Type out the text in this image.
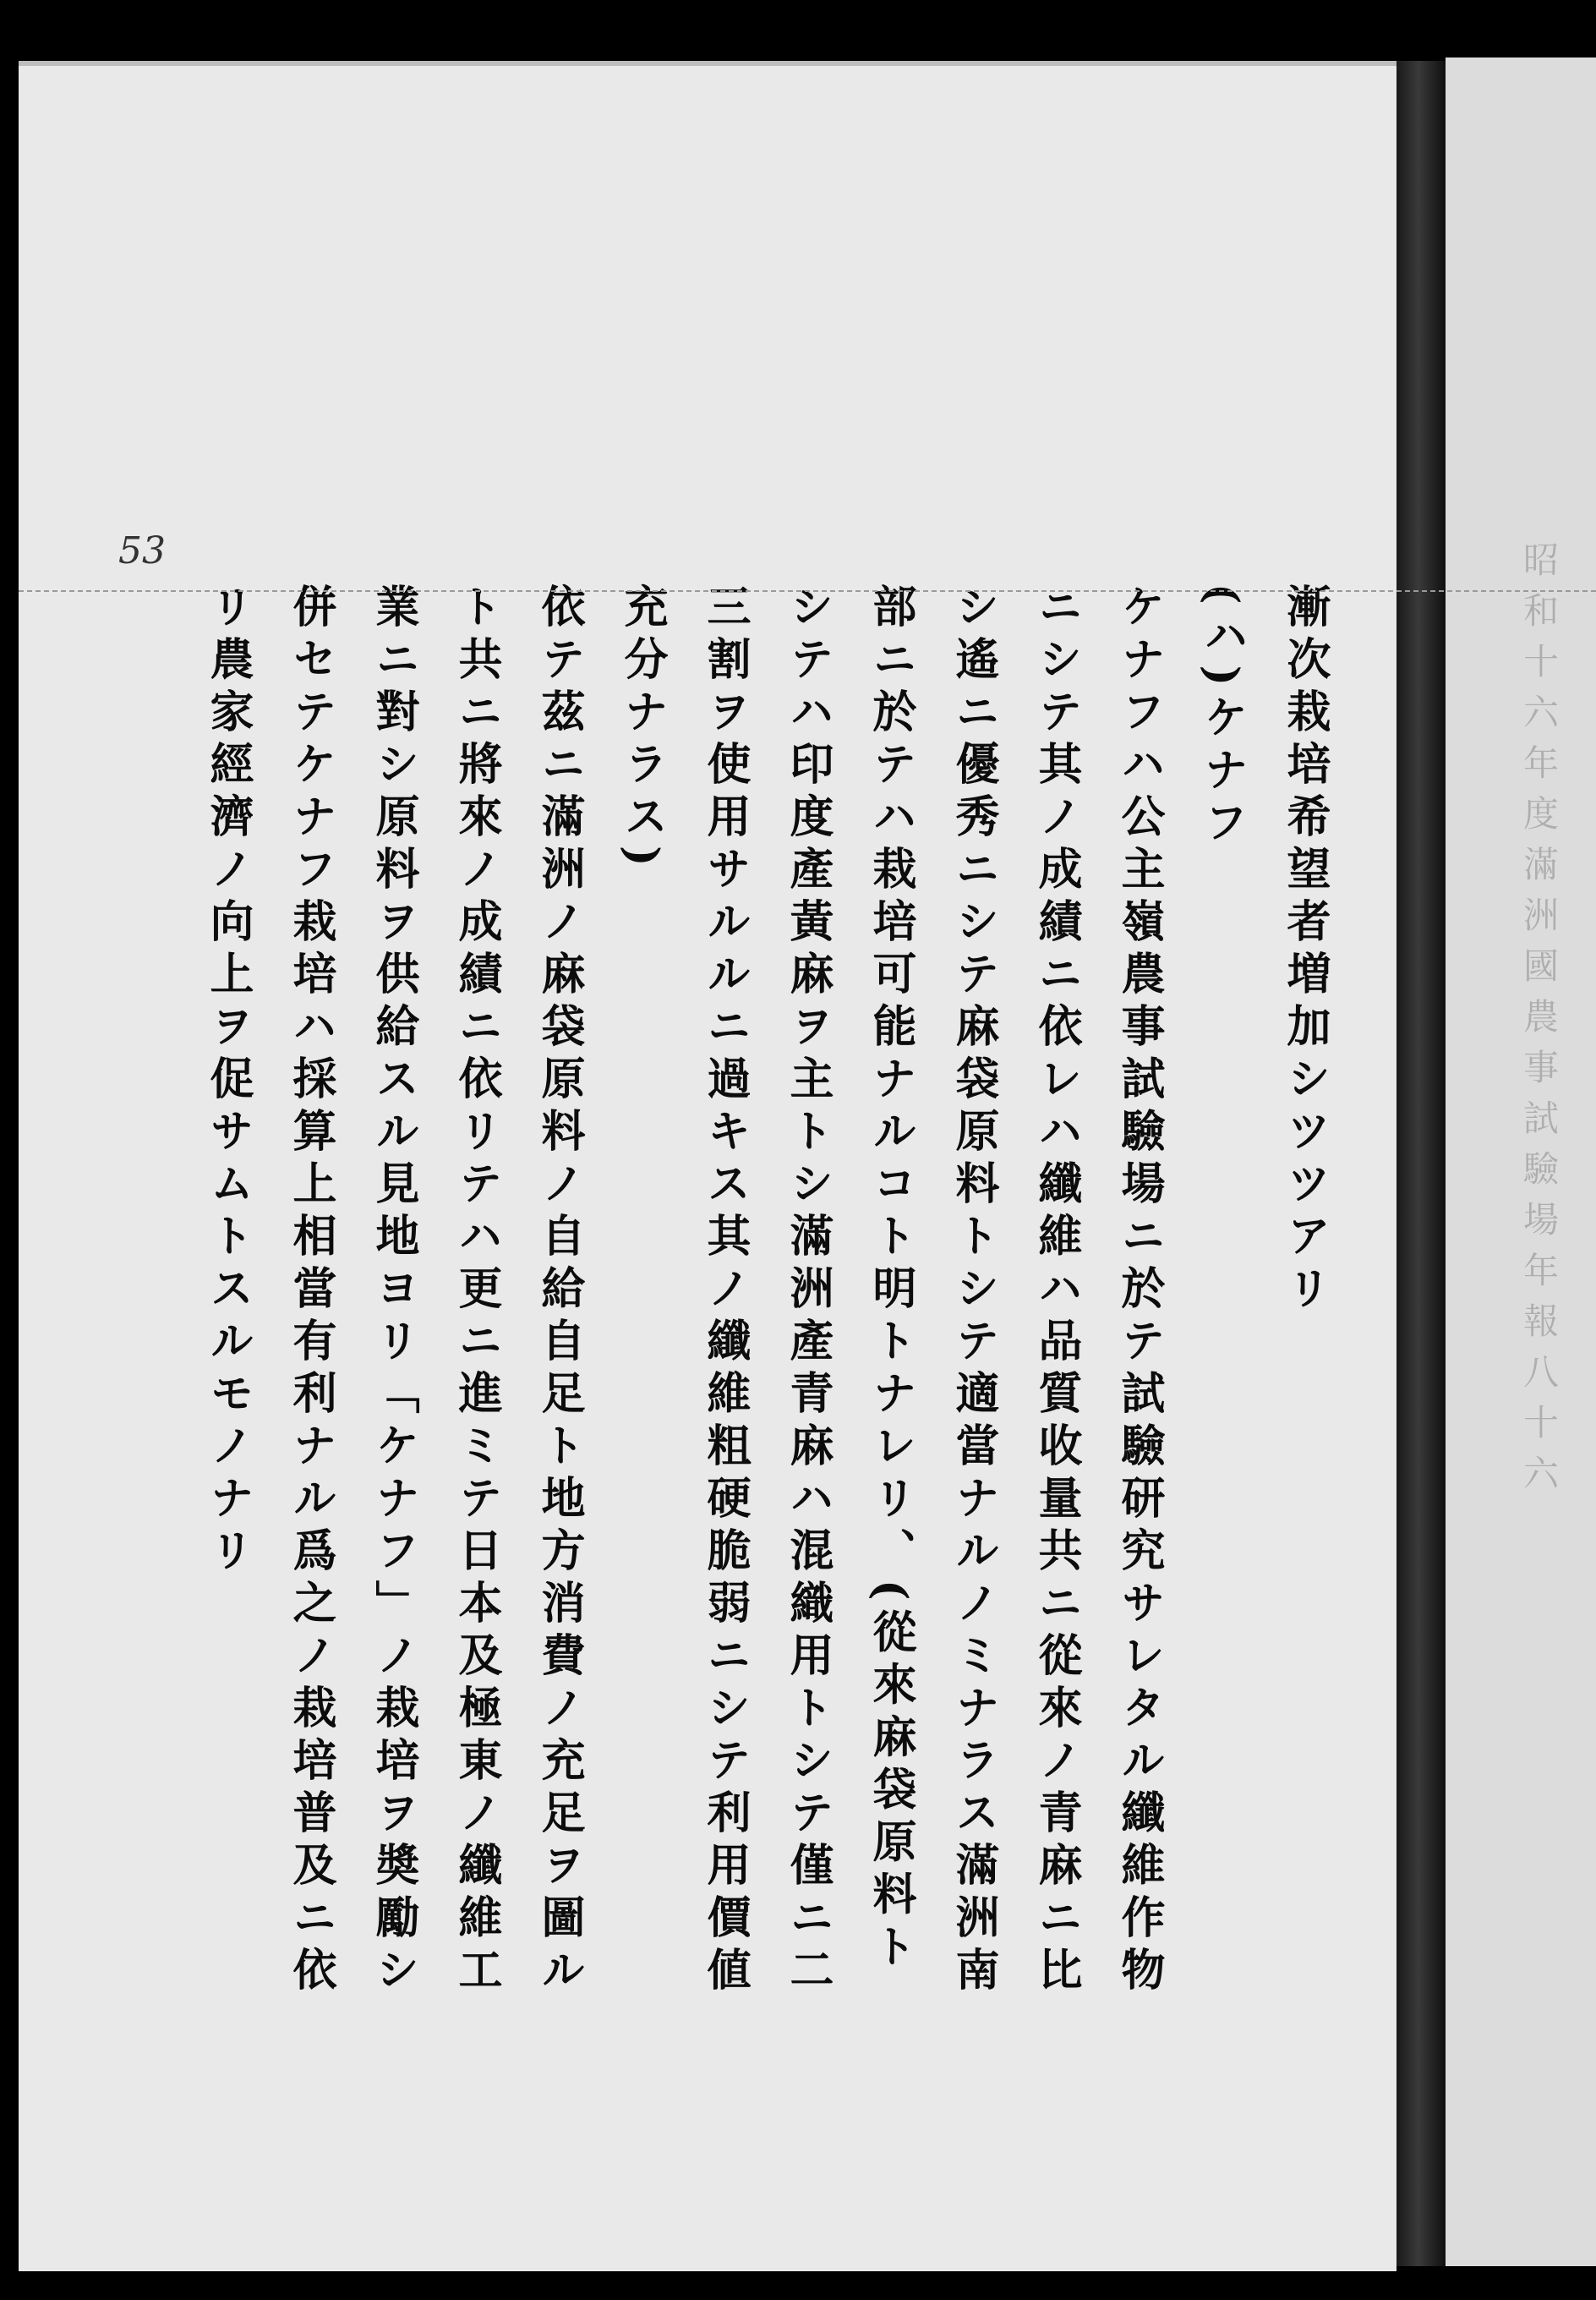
53

漸次栽培希望者増加シツツアリ

(ハ)ケナフ

ケナフハ公主嶺農事試驗場ニ於テ試驗研究サレタル纖維作物

ニシテ其ノ成績ニ依レハ纖維ハ品質收量共ニ從來ノ青麻ニ比

シ遙ニ優秀ニシテ麻袋原料トシテ適當ナルノミナラス滿洲南

部ニ於テハ栽培可能ナルコト明トナレリ、(從來麻袋原料ト

シテハ印度產黃麻ヲ主トシ滿洲產青麻ハ混織用トシテ僅ニ二

三割ヲ使用サルルニ過キス其ノ纖維粗硬脆弱ニシテ利用價値

充分ナラス)

依テ茲ニ滿洲ノ麻袋原料ノ自給自足ト地方消費ノ充足ヲ圖ル

ト共ニ將來ノ成績ニ依リテハ更ニ進ミテ日本及極東ノ纖維工

業ニ對シ原料ヲ供給スル見地ヨリ「ケナフ」ノ栽培ヲ奬勵シ

併セテケナフ栽培ハ採算上相當有利ナル爲之ノ栽培普及ニ依

リ農家經濟ノ向上ヲ促サムトスルモノナリ	昭和十六年度滿洲國農事試驗場年報八十六
